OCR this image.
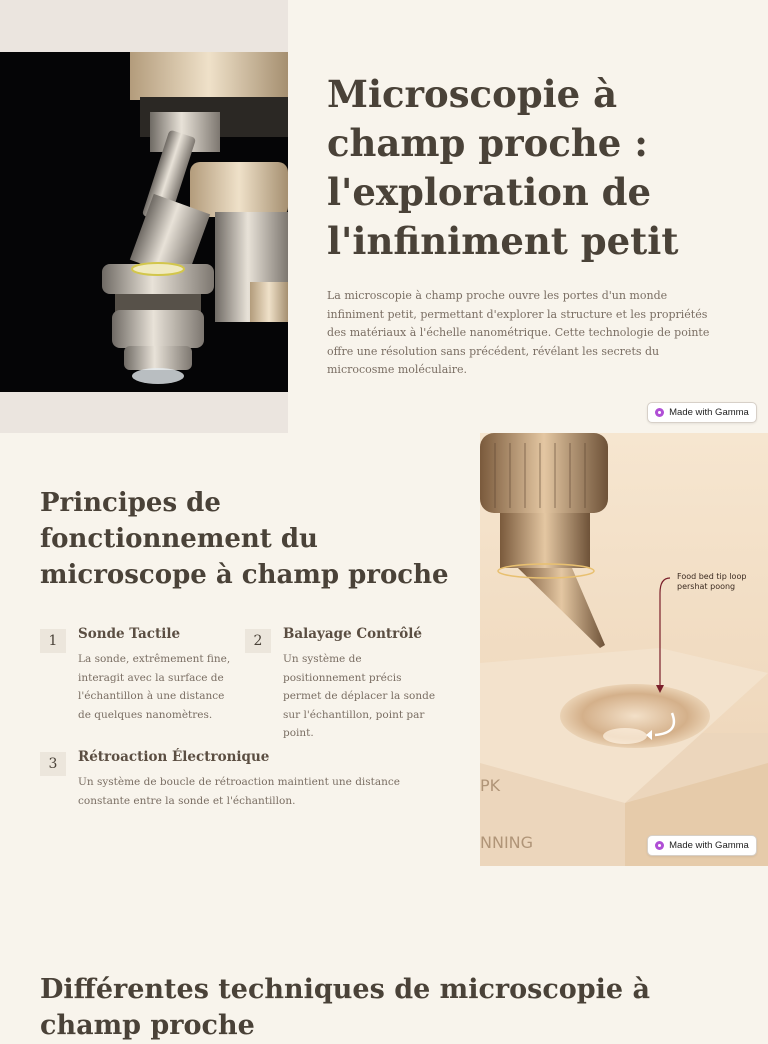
Microscopie à champ proche : l'exploration de l'infiniment petit

La microscopie à champ proche ouvre les portes d'un monde infiniment petit, permettant d'explorer la structure et les propriétés des matériaux à l'échelle nanométrique. Cette technologie de pointe offre une résolution sans précédent, révélant les secrets du microcosme moléculaire.

Made with Gamma
Principes de fonctionnement du microscope à champ proche
1	Sonde Tactile
La sonde, extrêmement fine, interagit avec la surface de l'échantillon à une distance de quelques nanomètres.
2	Balayage Contrôlé
Un système de positionnement précis permet de déplacer la sonde sur l'échantillon, point par point.
3	Rétroaction Électronique
Un système de boucle de rétroaction maintient une distance constante entre la sonde et l'échantillon.
PK
NNING
Food bed tip loop pershat poong
Made with Gamma
Différentes techniques de microscopie à champ proche
